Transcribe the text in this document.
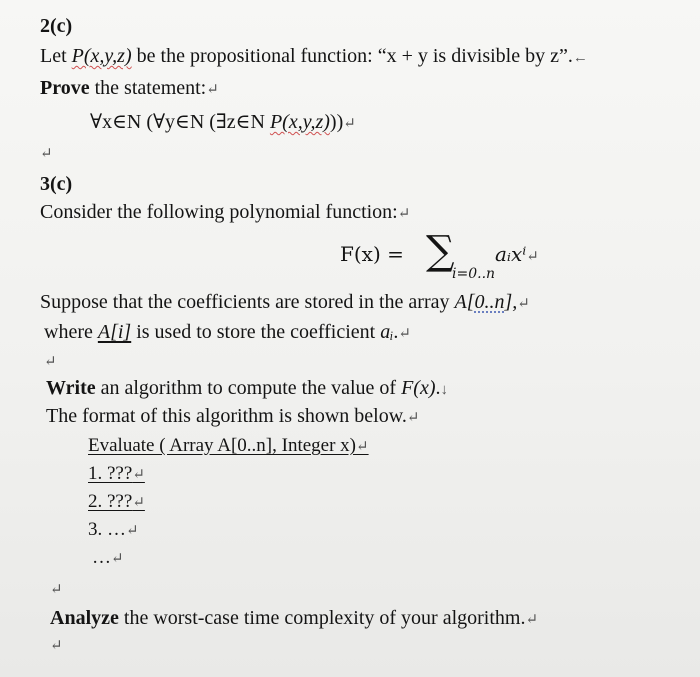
2(c)
Let P(x,y,z) be the propositional function: “x + y is divisible by z”.←
Prove the statement:↵
∀x∈N (∀y∈N (∃z∈N P(x,y,z)))↵
↵
3(c)
Consider the following polynomial function:↵
F(x) = ∑
i=0..n
aᵢxⁱ↵
Suppose that the coefficients are stored in the array A[0..n],↵
where A[i] is used to store the coefficient aᵢ.↵
↵
Write an algorithm to compute the value of F(x).↓
The format of this algorithm is shown below.↵
Evaluate ( Array A[0..n], Integer x)↵
1. ???↵
2. ???↵
3. …↵
…↵
↵
Analyze the worst-case time complexity of your algorithm.↵
↵
